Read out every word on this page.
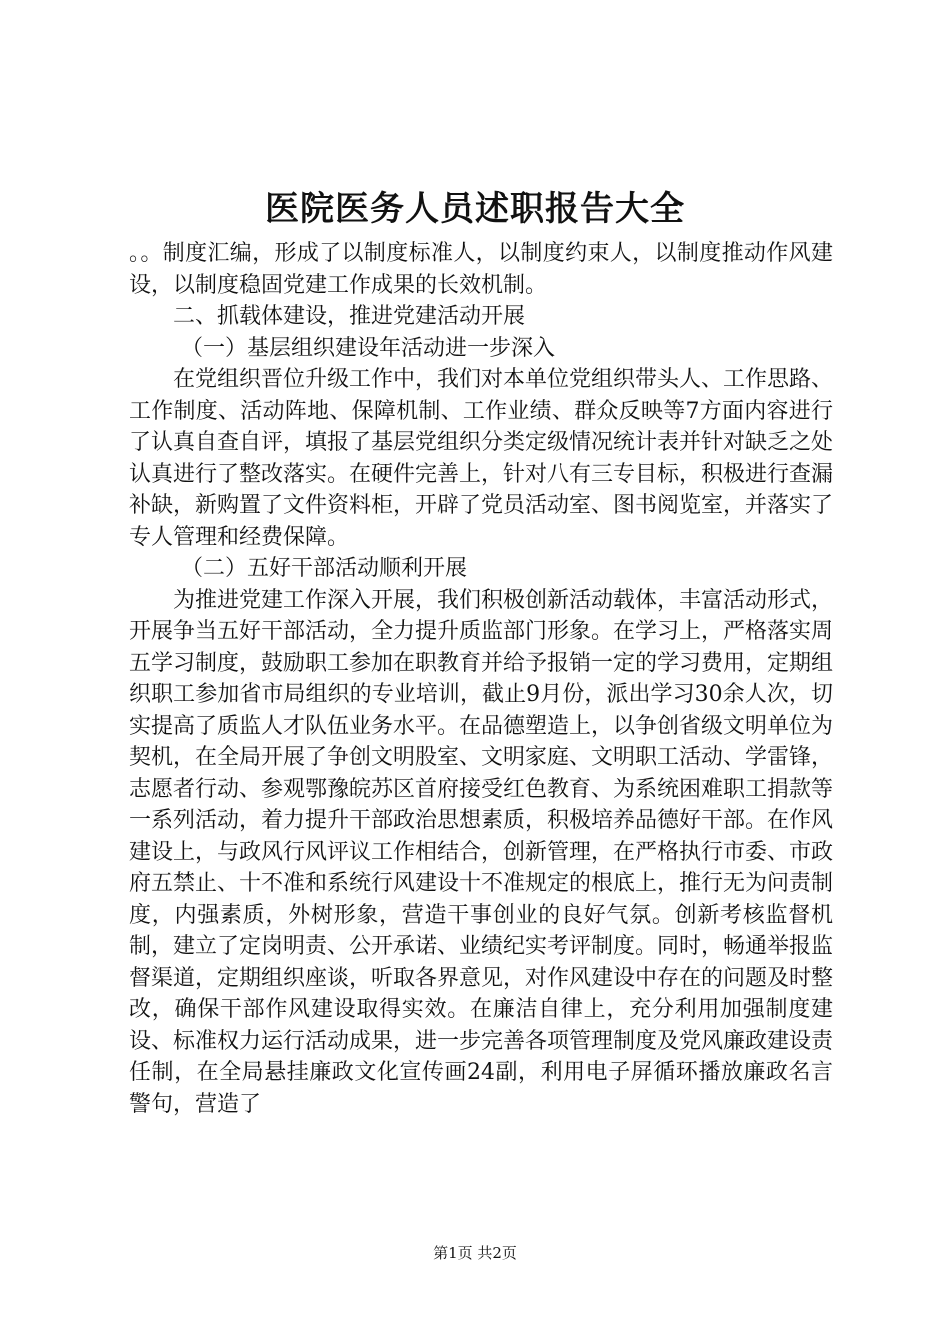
医院医务人员述职报告大全

。。制度汇编，形成了以制度标准人，以制度约束人，以制度推动作风建设，以制度稳固党建工作成果的长效机制。

二、抓载体建设，推进党建活动开展

（一）基层组织建设年活动进一步深入

在党组织晋位升级工作中，我们对本单位党组织带头人、工作思路、工作制度、活动阵地、保障机制、工作业绩、群众反映等7方面内容进行了认真自查自评，填报了基层党组织分类定级情况统计表并针对缺乏之处认真进行了整改落实。在硬件完善上，针对八有三专目标，积极进行查漏补缺，新购置了文件资料柜，开辟了党员活动室、图书阅览室，并落实了专人管理和经费保障。

（二）五好干部活动顺利开展

为推进党建工作深入开展，我们积极创新活动载体，丰富活动形式，开展争当五好干部活动，全力提升质监部门形象。在学习上，严格落实周五学习制度，鼓励职工参加在职教育并给予报销一定的学习费用，定期组织职工参加省市局组织的专业培训，截止9月份，派出学习30余人次，切实提高了质监人才队伍业务水平。在品德塑造上，以争创省级文明单位为契机，在全局开展了争创文明股室、文明家庭、文明职工活动、学雷锋，志愿者行动、参观鄂豫皖苏区首府接受红色教育、为系统困难职工捐款等一系列活动，着力提升干部政治思想素质，积极培养品德好干部。在作风建设上，与政风行风评议工作相结合，创新管理，在严格执行市委、市政府五禁止、十不准和系统行风建设十不准规定的根底上，推行无为问责制度，内强素质，外树形象，营造干事创业的良好气氛。创新考核监督机制，建立了定岗明责、公开承诺、业绩纪实考评制度。同时，畅通举报监督渠道，定期组织座谈，听取各界意见，对作风建设中存在的问题及时整改，确保干部作风建设取得实效。在廉洁自律上，充分利用加强制度建设、标准权力运行活动成果，进一步完善各项管理制度及党风廉政建设责任制，在全局悬挂廉政文化宣传画24副，利用电子屏循环播放廉政名言警句，营造了

第1页 共2页
